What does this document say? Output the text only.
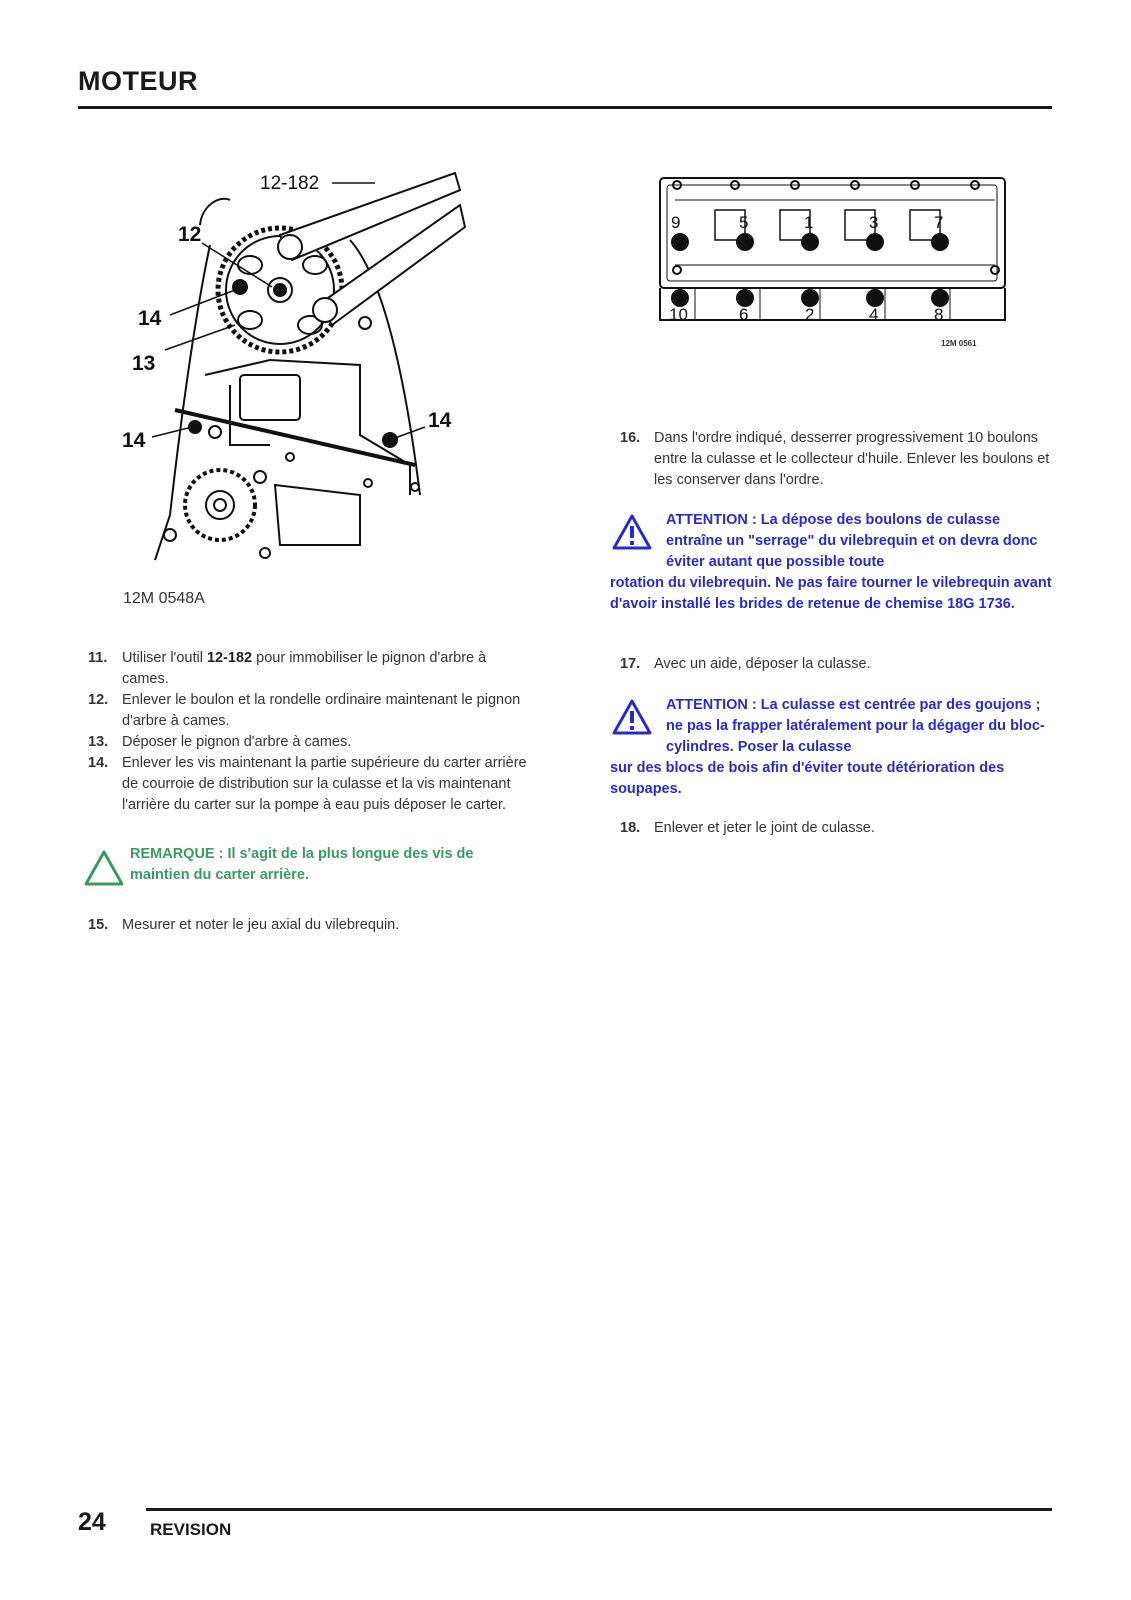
MOTEUR
12-182
12
14
13
14
14
12M 0548A
9	5	1	3	7
10	6	2	4	8
12M 0561
11.	Utiliser l'outil 12-182 pour immobiliser le pignon d'arbre à cames.
12. Enlever le boulon et la rondelle ordinaire maintenant le pignon d'arbre à cames.
13. Déposer le pignon d'arbre à cames.
14. Enlever les vis maintenant la partie supérieure du carter arrière de courroie de distribution sur la culasse et la vis maintenant l'arrière du carter sur la pompe à eau puis déposer le carter.
REMARQUE : Il s'agit de la plus longue des vis de maintien du carter arrière.
15. Mesurer et noter le jeu axial du vilebrequin.
16. Dans l'ordre indiqué, desserrer progressivement 10 boulons entre la culasse et le collecteur d'huile. Enlever les boulons et les conserver dans l'ordre.
ATTENTION : La dépose des boulons de culasse entraîne un "serrage" du vilebrequin et on devra donc éviter autant que possible toute
rotation du vilebrequin. Ne pas faire tourner le vilebrequin avant d'avoir installé les brides de retenue de chemise 18G 1736.
17. Avec un aide, déposer la culasse.
ATTENTION : La culasse est centrée par des goujons ; ne pas la frapper latéralement pour la dégager du bloc-cylindres. Poser la culasse
sur des blocs de bois afin d'éviter toute détérioration des soupapes.
18. Enlever et jeter le joint de culasse.
24	REVISION
